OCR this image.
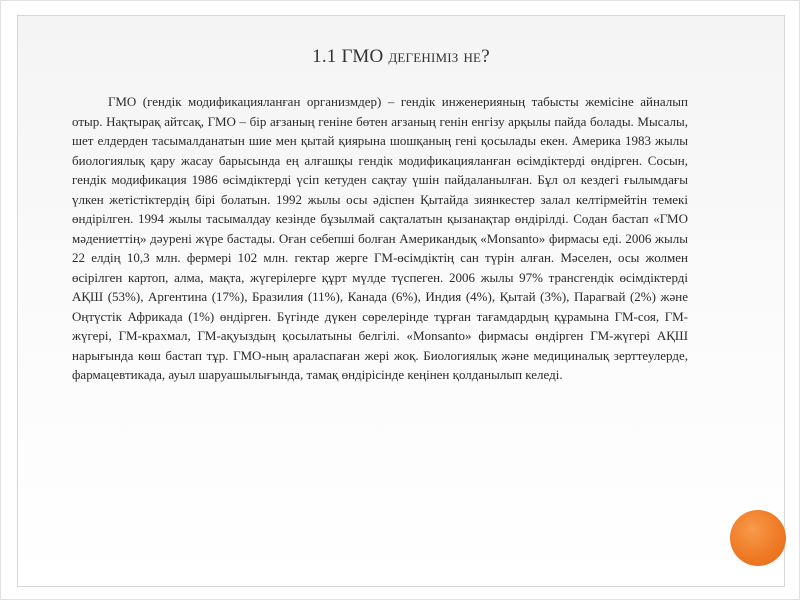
1.1 ГМО дегеніміз не?

ГМО (гендік модификацияланған организмдер) – гендік инженерияның табысты жемісіне айналып отыр. Нақтырақ айтсақ, ГМО – бір ағзаның геніне бөтен ағзаның генін енгізу арқылы пайда болады. Мысалы, шет елдерден тасымалданатын шие мен қытай қиярына шошқаның гені қосылады екен. Америка 1983 жылы биологиялық қару жасау барысында ең алғашқы гендік модификацияланған өсімдіктерді өндірген. Сосын, гендік модификация 1986 өсімдіктерді үсіп кетуден сақтау үшін пайдаланылған. Бұл ол кездегі ғылымдағы үлкен жетістіктердің бірі болатын. 1992 жылы осы әдіспен Қытайда зиянкестер залал келтірмейтін темекі өндірілген. 1994 жылы тасымалдау кезінде бұзылмай сақталатын қызанақтар өндірілді. Содан бастап «ГМО мәдениеттің» дәуренi жүре бастады. Оған себепші болған Американдық «Monsanto» фирмасы еді. 2006 жылы 22 елдің 10,3 млн. фермері 102 млн. гектар жерге ГМ-өсімдіктің сан түрін алған. Мәселен, осы жолмен өсірілген картоп, алма, мақта, жүгерілерге құрт мүлде түспеген. 2006 жылы 97% трансгендік өсімдіктерді АҚШ (53%), Аргентина (17%), Бразилия (11%), Канада (6%), Индия (4%), Қытай (3%), Парагвай (2%) және Оңтүстік Африкада (1%) өндірген. Бүгінде дүкен сөрелерінде тұрған тағамдардың құрамына ГМ-соя, ГМ-жүгері, ГМ-крахмал, ГМ-ақуыздың қосылатыны белгілі. «Monsanto» фирмасы өндірген ГМ-жүгері АҚШ нарығында көш бастап тұр. ГМО-ның араласпаған жері жоқ. Биологиялық және медициналық зерттеулерде, фармацевтикада, ауыл шаруашылығында, тамақ өндірісінде кеңінен қолданылып келеді.
